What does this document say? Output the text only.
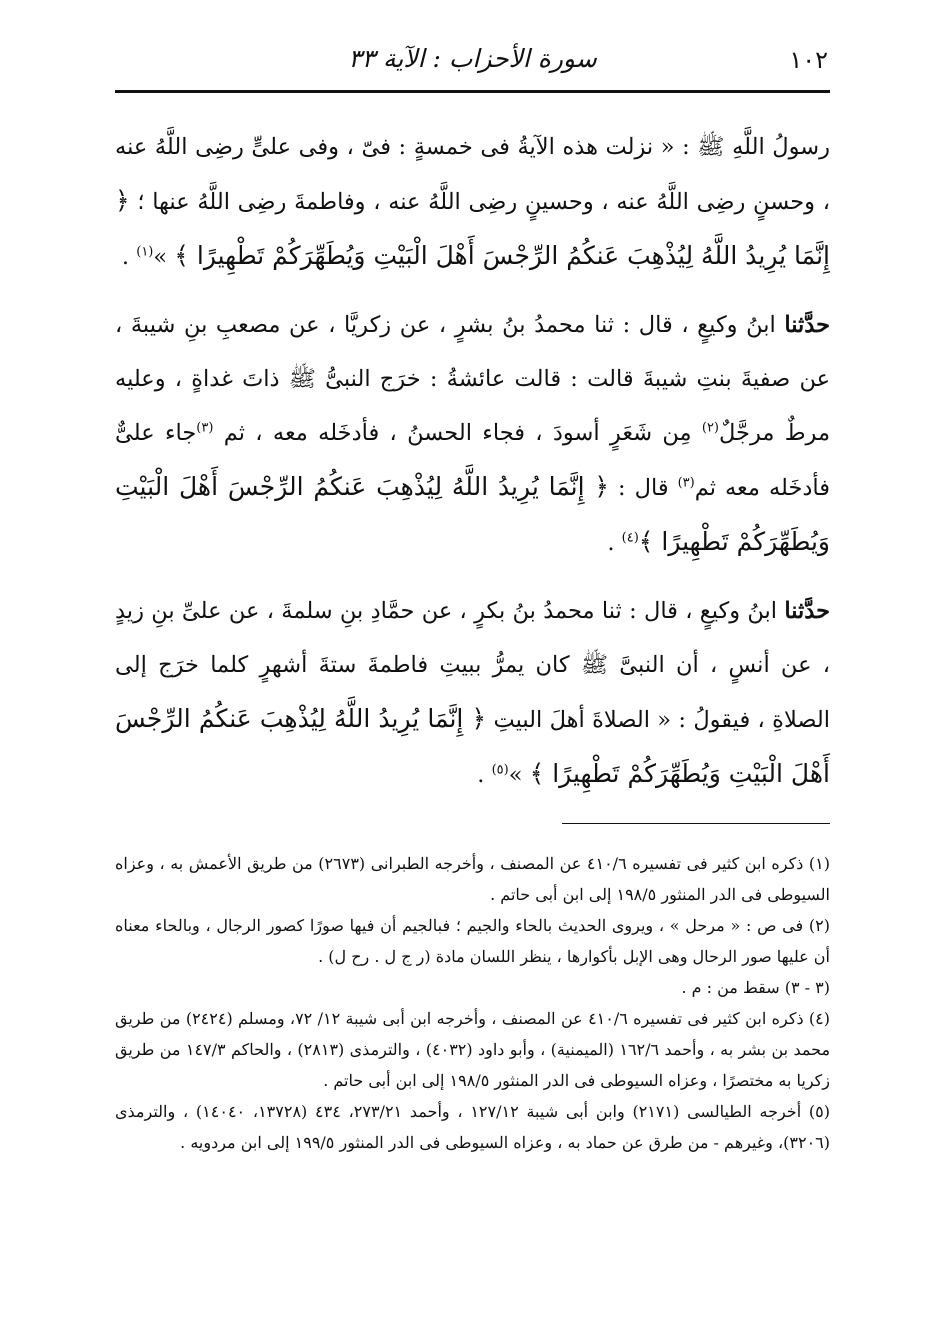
سورة الأحزاب : الآية ٣٣	١٠٢

رسولُ اللَّهِ ﷺ : « نزلت هذه الآيةُ فى خمسةٍ : فىّ ، وفى علىٍّ رضِى اللَّهُ عنه ، وحسنٍ رضِى اللَّهُ عنه ، وحسينٍ رضِى اللَّهُ عنه ، وفاطمةَ رضِى اللَّهُ عنها ؛ ﴿ إِنَّمَا يُرِيدُ اللَّهُ لِيُذْهِبَ عَنكُمُ الرِّجْسَ أَهْلَ الْبَيْتِ وَيُطَهِّرَكُمْ تَطْهِيرًا ﴾ »$^{(١)}$ .

حدَّثنا ابنُ وكيعٍ ، قال : ثنا محمدُ بنُ بشرٍ ، عن زكريَّا ، عن مصعبِ بنِ شيبةَ ، عن صفيةَ بنتِ شيبةَ قالت : قالت عائشةُ : خرَج النبىُّ ﷺ ذاتَ غداةٍ ، وعليه مرطٌ مرجَّلٌ$^{(٢)}$ مِن شَعَرٍ أسودَ ، فجاء الحسنُ ، فأدخَله معه ، ثم $^{(٣)}$جاء علىٌّ فأدخَله معه ثم$^{(٣)}$ قال : ﴿ إِنَّمَا يُرِيدُ اللَّهُ لِيُذْهِبَ عَنكُمُ الرِّجْسَ أَهْلَ الْبَيْتِ وَيُطَهِّرَكُمْ تَطْهِيرًا ﴾$^{(٤)}$ .

حدَّثنا ابنُ وكيعٍ ، قال : ثنا محمدُ بنُ بكرٍ ، عن حمَّادِ بنِ سلمةَ ، عن علىِّ بنِ زيدٍ ، عن أنسٍ ، أن النبىَّ ﷺ كان يمرُّ ببيتِ فاطمةَ ستةَ أشهرٍ كلما خرَج إلى الصلاةِ ، فيقولُ : « الصلاةَ أهلَ البيتِ ﴿ إِنَّمَا يُرِيدُ اللَّهُ لِيُذْهِبَ عَنكُمُ الرِّجْسَ أَهْلَ الْبَيْتِ وَيُطَهِّرَكُمْ تَطْهِيرًا ﴾ »$^{(٥)}$ .

(١) ذكره ابن كثير فى تفسيره ٤١٠/٦ عن المصنف ، وأخرجه الطبرانى (٢٦٧٣) من طريق الأعمش به ، وعزاه السيوطى فى الدر المنثور ١٩٨/٥ إلى ابن أبى حاتم .

(٢) فى ص : « مرحل » ، ويروى الحديث بالحاء والجيم ؛ فبالجيم أن فيها صورًا كصور الرجال ، وبالحاء معناه أن عليها صور الرحال وهى الإبل بأكوارها ، ينظر اللسان مادة (ر ج ل . رح ل) .

(٣ - ٣) سقط من : م .

(٤) ذكره ابن كثير فى تفسيره ٤١٠/٦ عن المصنف ، وأخرجه ابن أبى شيبة ١٢/ ٧٢، ومسلم (٢٤٢٤) من طريق محمد بن بشر به ، وأحمد ١٦٢/٦ (الميمنية) ، وأبو داود (٤٠٣٢) ، والترمذى (٢٨١٣) ، والحاكم ١٤٧/٣ من طريق زكريا به مختصرًا ، وعزاه السيوطى فى الدر المنثور ١٩٨/٥ إلى ابن أبى حاتم .

(٥) أخرجه الطيالسى (٢١٧١) وابن أبى شيبة ١٢٧/١٢ ، وأحمد ٢٧٣/٢١، ٤٣٤ (١٣٧٢٨، ١٤٠٤٠) ، والترمذى (٣٢٠٦)، وغيرهم - من طرق عن حماد به ، وعزاه السيوطى فى الدر المنثور ١٩٩/٥ إلى ابن مردويه .
